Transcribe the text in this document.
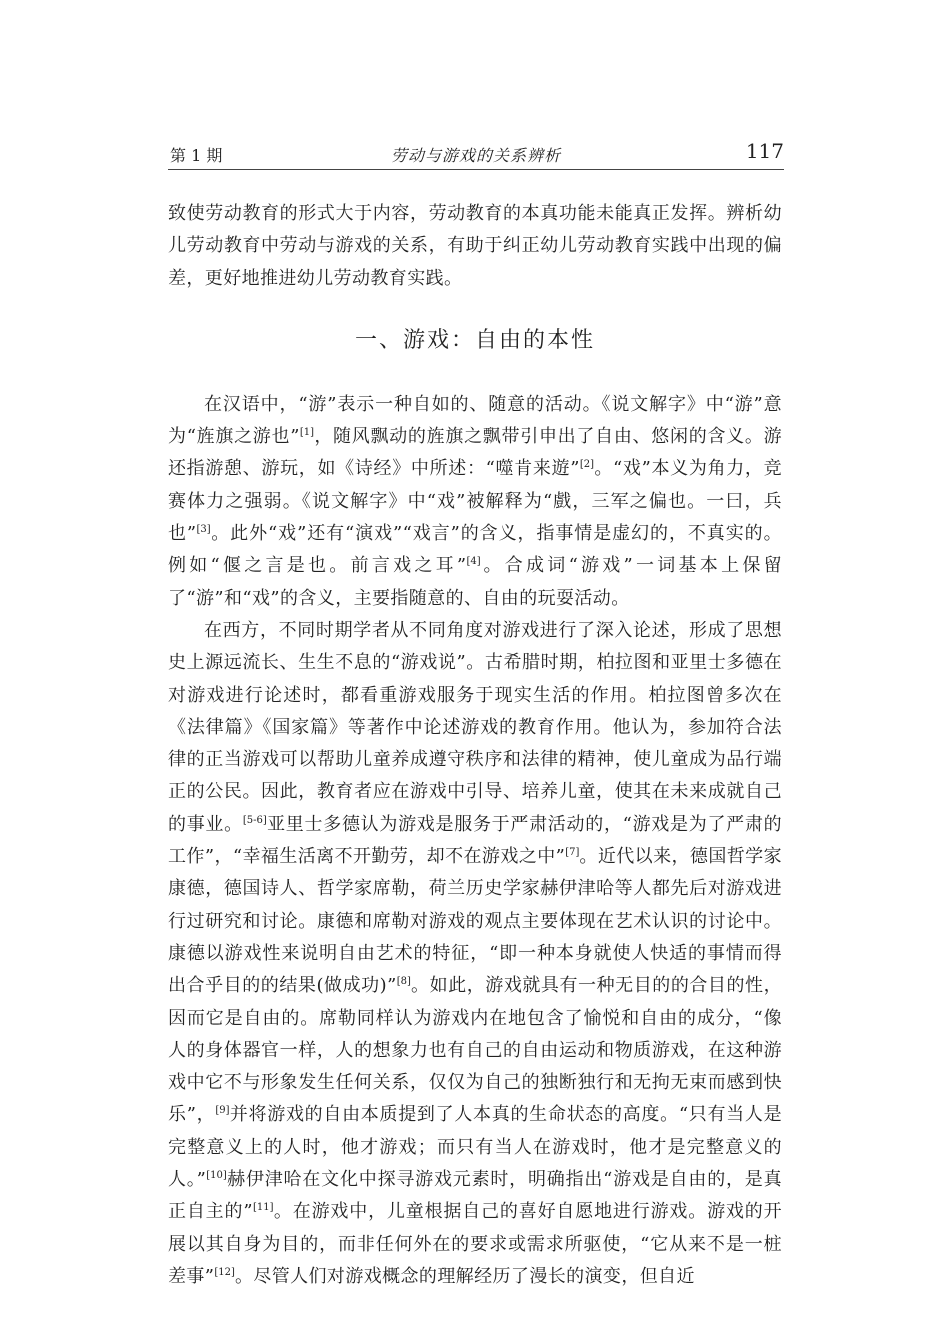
第 1 期	劳动与游戏的关系辨析	117

致使劳动教育的形式大于内容，劳动教育的本真功能未能真正发挥。辨析幼儿劳动教育中劳动与游戏的关系，有助于纠正幼儿劳动教育实践中出现的偏差，更好地推进幼儿劳动教育实践。

一、游戏：自由的本性

在汉语中，“游”表示一种自如的、随意的活动。《说文解字》中“游”意为“旌旗之游也”[1]，随风飘动的旌旗之飘带引申出了自由、悠闲的含义。游还指游憩、游玩，如《诗经》中所述：“噬肯来遊”[2]。“戏”本义为角力，竞赛体力之强弱。《说文解字》中“戏”被解释为“戲，三军之偏也。一曰，兵也”[3]。此外“戏”还有“演戏”“戏言”的含义，指事情是虚幻的，不真实的。例如“偃之言是也。前言戏之耳”[4]。合成词“游戏”一词基本上保留了“游”和“戏”的含义，主要指随意的、自由的玩耍活动。

在西方，不同时期学者从不同角度对游戏进行了深入论述，形成了思想史上源远流长、生生不息的“游戏说”。古希腊时期，柏拉图和亚里士多德在对游戏进行论述时，都看重游戏服务于现实生活的作用。柏拉图曾多次在《法律篇》《国家篇》等著作中论述游戏的教育作用。他认为，参加符合法律的正当游戏可以帮助儿童养成遵守秩序和法律的精神，使儿童成为品行端正的公民。因此，教育者应在游戏中引导、培养儿童，使其在未来成就自己的事业。[5-6]亚里士多德认为游戏是服务于严肃活动的，“游戏是为了严肃的工作”，“幸福生活离不开勤劳，却不在游戏之中”[7]。近代以来，德国哲学家康德，德国诗人、哲学家席勒，荷兰历史学家赫伊津哈等人都先后对游戏进行过研究和讨论。康德和席勒对游戏的观点主要体现在艺术认识的讨论中。康德以游戏性来说明自由艺术的特征，“即一种本身就使人快适的事情而得出合乎目的的结果(做成功)”[8]。如此，游戏就具有一种无目的的合目的性，因而它是自由的。席勒同样认为游戏内在地包含了愉悦和自由的成分，“像人的身体器官一样，人的想象力也有自己的自由运动和物质游戏，在这种游戏中它不与形象发生任何关系，仅仅为自己的独断独行和无拘无束而感到快乐”，[9]并将游戏的自由本质提到了人本真的生命状态的高度。“只有当人是完整意义上的人时，他才游戏；而只有当人在游戏时，他才是完整意义的人。”[10]赫伊津哈在文化中探寻游戏元素时，明确指出“游戏是自由的，是真正自主的”[11]。在游戏中，儿童根据自己的喜好自愿地进行游戏。游戏的开展以其自身为目的，而非任何外在的要求或需求所驱使，“它从来不是一桩差事”[12]。尽管人们对游戏概念的理解经历了漫长的演变，但自近
